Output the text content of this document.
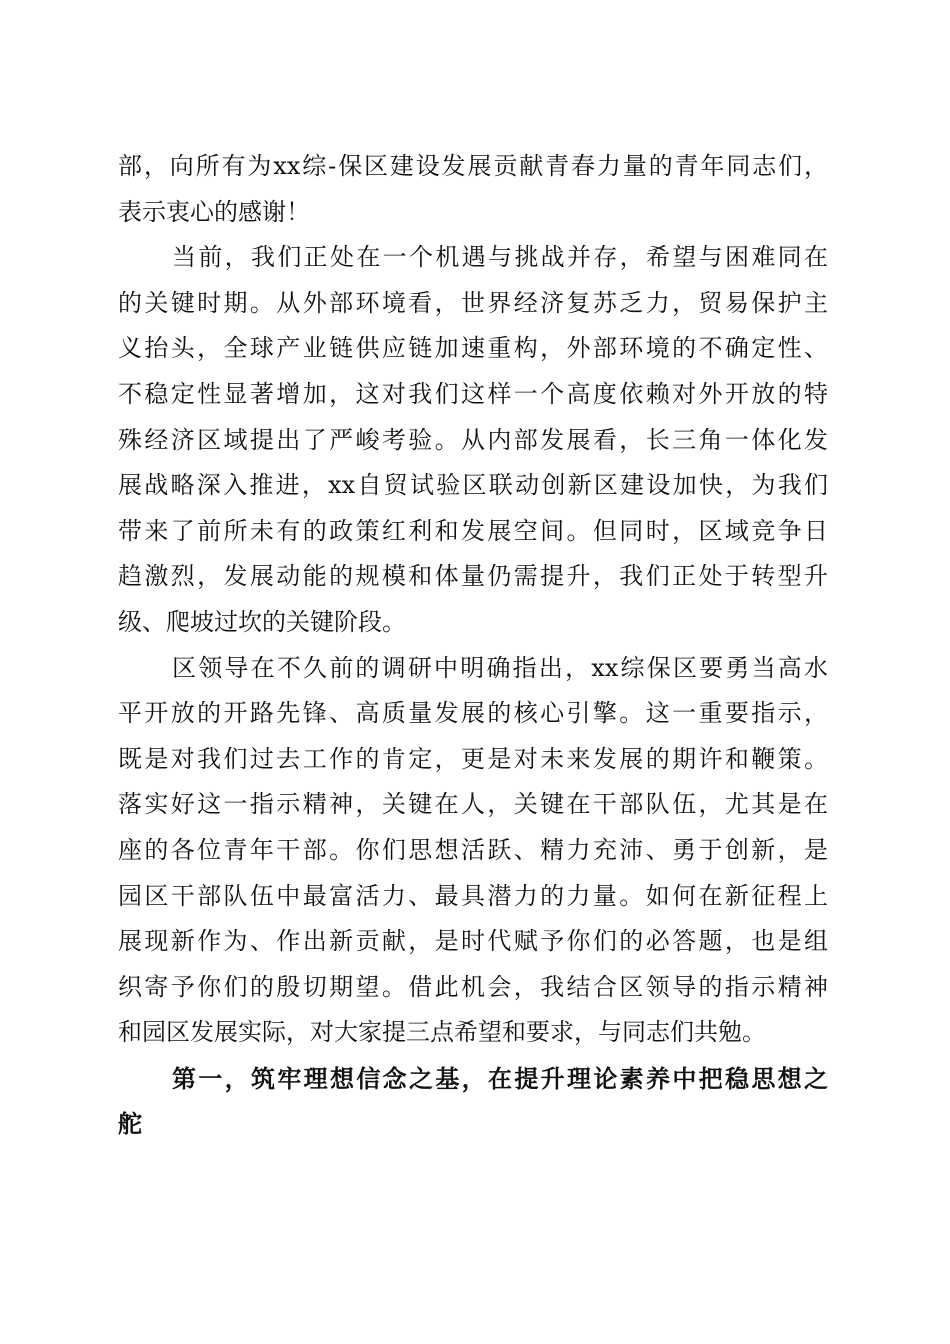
部，向所有为xx综-保区建设发展贡献青春力量的青年同志们，
表示衷心的感谢！
当前，我们正处在一个机遇与挑战并存，希望与困难同在
的关键时期。从外部环境看，世界经济复苏乏力，贸易保护主
义抬头，全球产业链供应链加速重构，外部环境的不确定性、
不稳定性显著增加，这对我们这样一个高度依赖对外开放的特
殊经济区域提出了严峻考验。从内部发展看，长三角一体化发
展战略深入推进，xx自贸试验区联动创新区建设加快，为我们
带来了前所未有的政策红利和发展空间。但同时，区域竞争日
趋激烈，发展动能的规模和体量仍需提升，我们正处于转型升
级、爬坡过坎的关键阶段。
区领导在不久前的调研中明确指出，xx综保区要勇当高水
平开放的开路先锋、高质量发展的核心引擎。这一重要指示，
既是对我们过去工作的肯定，更是对未来发展的期许和鞭策。
落实好这一指示精神，关键在人，关键在干部队伍，尤其是在
座的各位青年干部。你们思想活跃、精力充沛、勇于创新，是
园区干部队伍中最富活力、最具潜力的力量。如何在新征程上
展现新作为、作出新贡献，是时代赋予你们的必答题，也是组
织寄予你们的殷切期望。借此机会，我结合区领导的指示精神
和园区发展实际，对大家提三点希望和要求，与同志们共勉。
第一，筑牢理想信念之基，在提升理论素养中把稳思想之
舵
